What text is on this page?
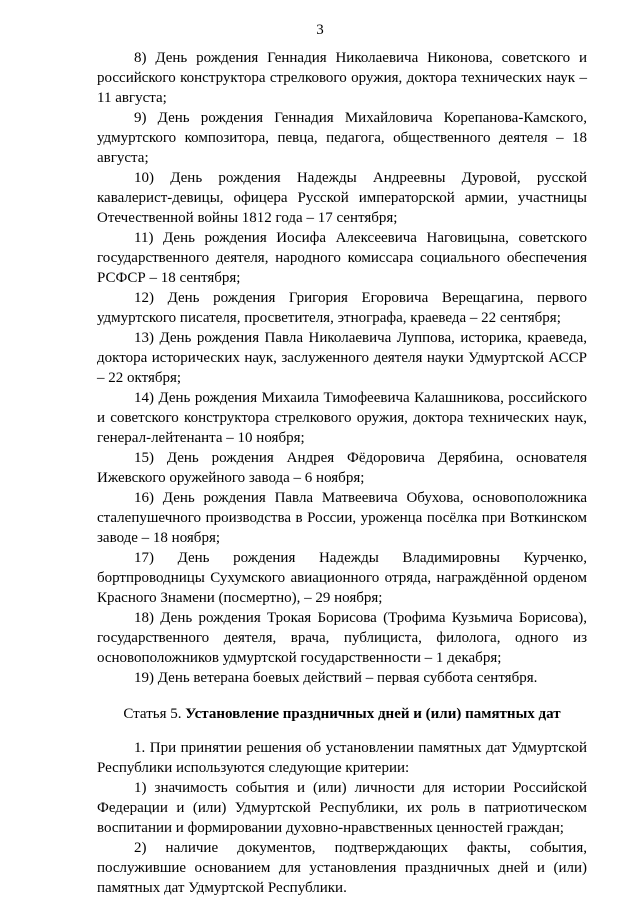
3

8) День рождения Геннадия Николаевича Никонова, советского и российского конструктора стрелкового оружия, доктора технических наук – 11 августа;

9) День рождения Геннадия Михайловича Корепанова-Камского, удмуртского композитора, певца, педагога, общественного деятеля – 18 августа;

10) День рождения Надежды Андреевны Дуровой, русской кавалерист-девицы, офицера Русской императорской армии, участницы Отечественной войны 1812 года – 17 сентября;

11) День рождения Иосифа Алексеевича Наговицына, советского государственного деятеля, народного комиссара социального обеспечения РСФСР – 18 сентября;

12) День рождения Григория Егоровича Верещагина, первого удмуртского писателя, просветителя, этнографа, краеведа – 22 сентября;

13) День рождения Павла Николаевича Луппова, историка, краеведа, доктора исторических наук, заслуженного деятеля науки Удмуртской АССР – 22 октября;

14) День рождения Михаила Тимофеевича Калашникова, российского и советского конструктора стрелкового оружия, доктора технических наук, генерал-лейтенанта – 10 ноября;

15) День рождения Андрея Фёдоровича Дерябина, основателя Ижевского оружейного завода – 6 ноября;

16) День рождения Павла Матвеевича Обухова, основоположника сталепушечного производства в России, уроженца посёлка при Воткинском заводе – 18 ноября;

17) День рождения Надежды Владимировны Курченко, бортпроводницы Сухумского авиационного отряда, награждённой орденом Красного Знамени (посмертно), – 29 ноября;

18) День рождения Трокая Борисова (Трофима Кузьмича Борисова), государственного деятеля, врача, публициста, филолога, одного из основоположников удмуртской государственности – 1 декабря;

19) День ветерана боевых действий – первая суббота сентября.

Статья 5. Установление праздничных дней и (или) памятных дат

1. При принятии решения об установлении памятных дат Удмуртской Республики используются следующие критерии:

1) значимость события и (или) личности для истории Российской Федерации и (или) Удмуртской Республики, их роль в патриотическом воспитании и формировании духовно-нравственных ценностей граждан;

2) наличие документов, подтверждающих факты, события, послужившие основанием для установления праздничных дней и (или) памятных дат Удмуртской Республики.
